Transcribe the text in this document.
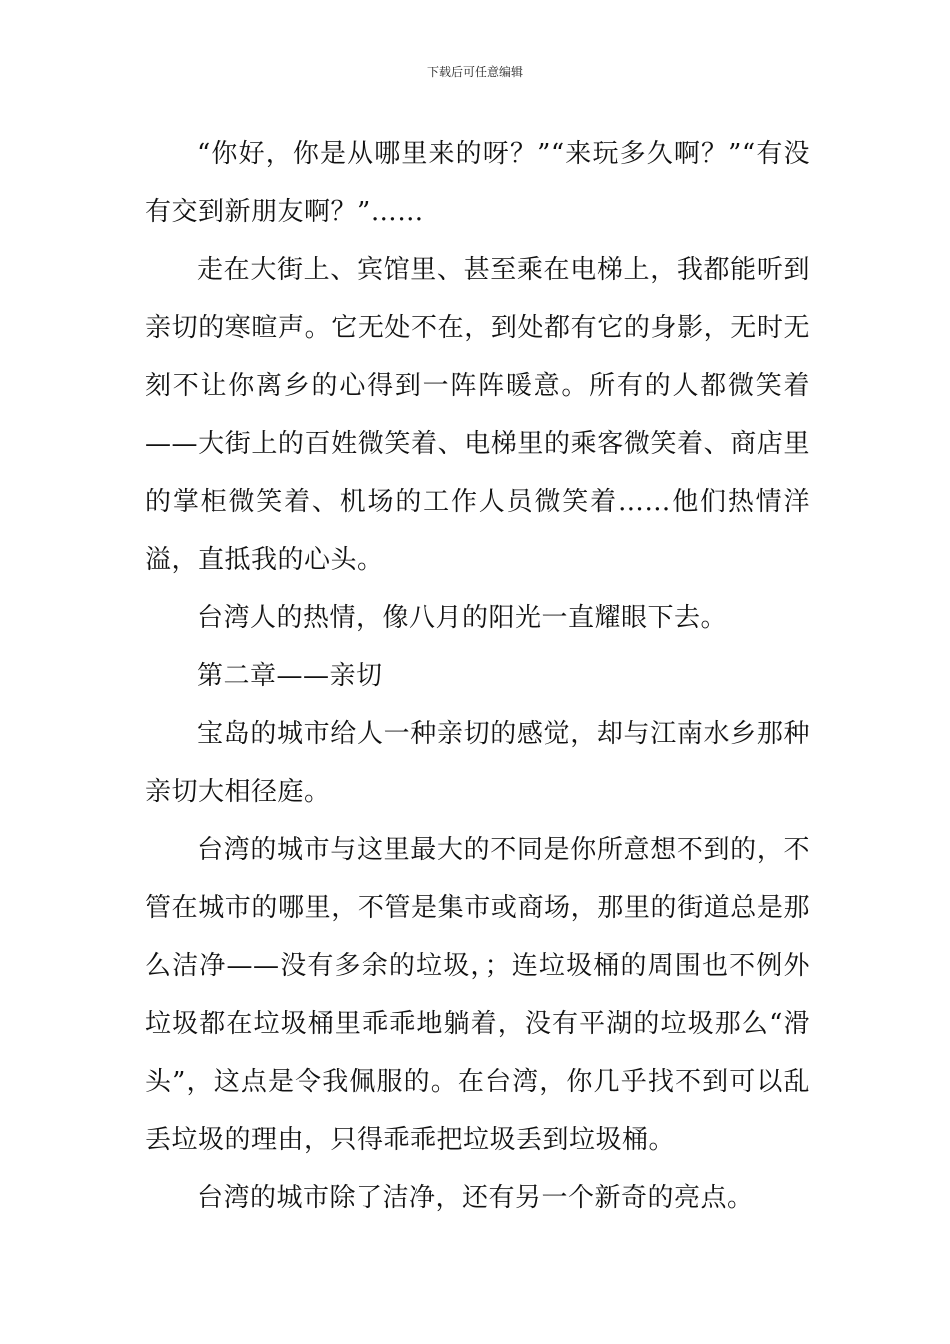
下载后可任意编辑

“你好，你是从哪里来的呀？”“来玩多久啊？”“有没有交到新朋友啊？”……

走在大街上、宾馆里、甚至乘在电梯上，我都能听到亲切的寒暄声。它无处不在，到处都有它的身影，无时无刻不让你离乡的心得到一阵阵暖意。所有的人都微笑着——大街上的百姓微笑着、电梯里的乘客微笑着、商店里的掌柜微笑着、机场的工作人员微笑着……他们热情洋溢，直抵我的心头。

台湾人的热情，像八月的阳光一直耀眼下去。

第二章——亲切

宝岛的城市给人一种亲切的感觉，却与江南水乡那种亲切大相径庭。

台湾的城市与这里最大的不同是你所意想不到的，不管在城市的哪里，不管是集市或商场，那里的街道总是那么洁净——没有多余的垃圾，；连垃圾桶的周围也不例外垃圾都在垃圾桶里乖乖地躺着，没有平湖的垃圾那么“滑头”，这点是令我佩服的。在台湾，你几乎找不到可以乱丢垃圾的理由，只得乖乖把垃圾丢到垃圾桶。

台湾的城市除了洁净，还有另一个新奇的亮点。
